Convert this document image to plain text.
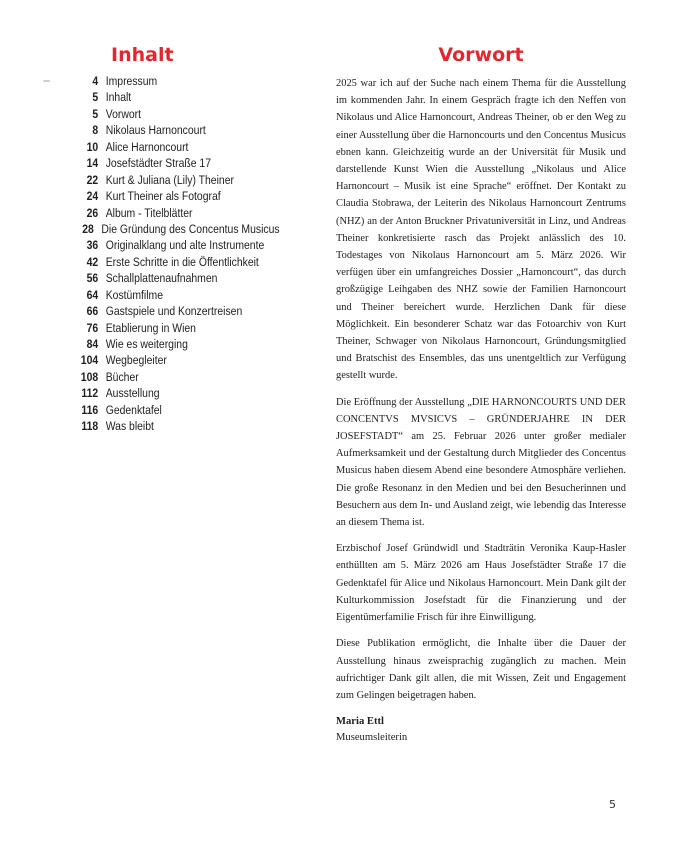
Inhalt
4 Impressum
5 Inhalt
5 Vorwort
8 Nikolaus Harnoncourt
10 Alice Harnoncourt
14 Josefstädter Straße 17
22 Kurt & Juliana (Lily) Theiner
24 Kurt Theiner als Fotograf
26 Album - Titelblätter
28 Die Gründung des Concentus Musicus
36 Originalklang und alte Instrumente
42 Erste Schritte in die Öffentlichkeit
56 Schallplattenaufnahmen
64 Kostümfilme
66 Gastspiele und Konzertreisen
76 Etablierung in Wien
84 Wie es weiterging
104 Wegbegleiter
108 Bücher
112 Ausstellung
116 Gedenktafel
118 Was bleibt
Vorwort

2025 war ich auf der Suche nach einem Thema für die Ausstellung im kommenden Jahr. In einem Gespräch fragte ich den Neffen von Nikolaus und Alice Harnoncourt, Andreas Theiner, ob er den Weg zu einer Ausstellung über die Harnoncourts und den Concentus Musicus ebnen kann. Gleichzeitig wurde an der Universität für Musik und darstellende Kunst Wien die Ausstellung „Nikolaus und Alice Harnoncourt – Musik ist eine Sprache“ eröffnet. Der Kontakt zu Claudia Stobrawa, der Leiterin des Nikolaus Harnoncourt Zentrums (NHZ) an der Anton Bruckner Privatuniversität in Linz, und Andreas Theiner konkretisierte rasch das Projekt anlässlich des 10. Todestages von Nikolaus Harnoncourt am 5. März 2026. Wir verfügen über ein umfangreiches Dossier „Harnoncourt“, das durch großzügige Leihgaben des NHZ sowie der Familien Harnoncourt und Theiner bereichert wurde. Herzlichen Dank für diese Möglichkeit. Ein besonderer Schatz war das Fotoarchiv von Kurt Theiner, Schwager von Nikolaus Harnoncourt, Gründungsmitglied und Bratschist des Ensembles, das uns unentgeltlich zur Verfügung gestellt wurde.

Die Eröffnung der Ausstellung „DIE HARNONCOURTS UND DER CONCENTVS MVSICVS – GRÜNDERJAHRE IN DER JOSEFSTADT“ am 25. Februar 2026 unter großer medialer Aufmerksamkeit und der Gestaltung durch Mitglieder des Concentus Musicus haben diesem Abend eine besondere Atmosphäre verliehen. Die große Resonanz in den Medien und bei den Besucherinnen und Besuchern aus dem In- und Ausland zeigt, wie lebendig das Interesse an diesem Thema ist.

Erzbischof Josef Gründwidl und Stadträtin Veronika Kaup-Hasler enthüllten am 5. März 2026 am Haus Josefstädter Straße 17 die Gedenktafel für Alice und Nikolaus Harnoncourt. Mein Dank gilt der Kulturkommission Josefstadt für die Finanzierung und der Eigentümerfamilie Frisch für ihre Einwilligung.

Diese Publikation ermöglicht, die Inhalte über die Dauer der Ausstellung hinaus zweisprachig zugänglich zu machen. Mein aufrichtiger Dank gilt allen, die mit Wissen, Zeit und Engagement zum Gelingen beigetragen haben.

Maria Ettl
Museumsleiterin
5
